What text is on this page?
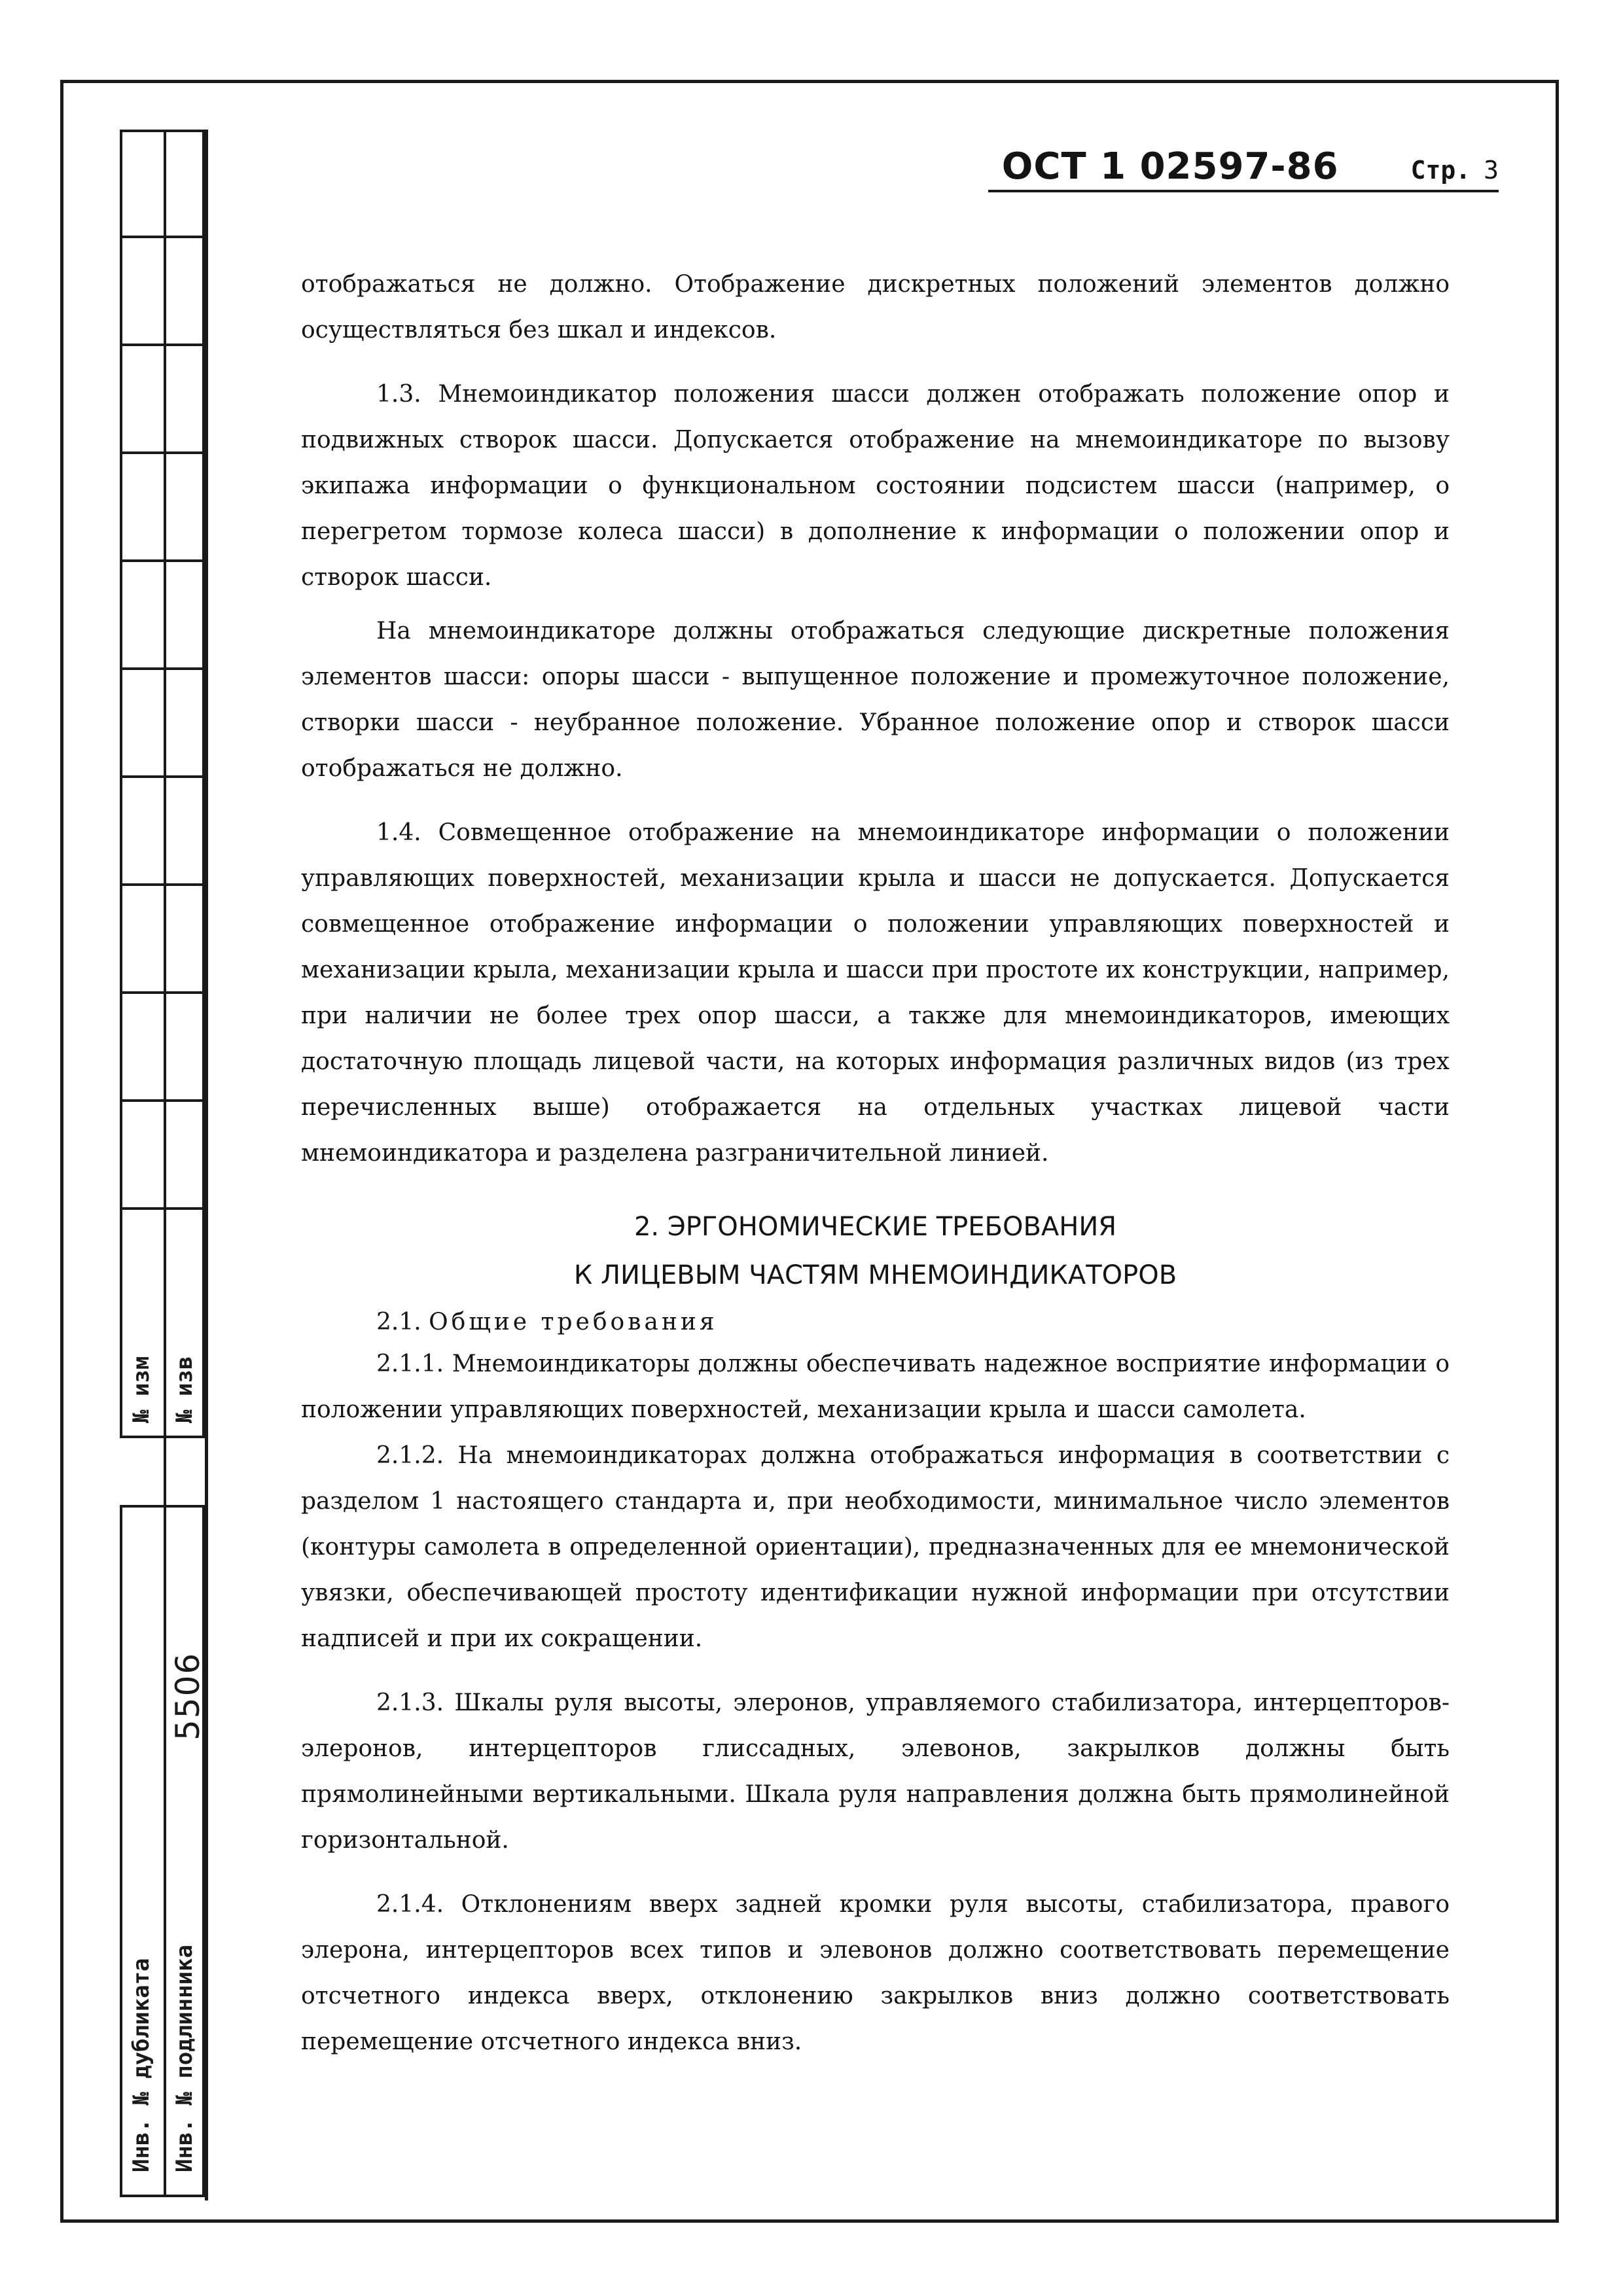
№ изм № изв
Инв. № дубликата Инв. № подлинника
5506
ОСТ 1 02597-86	Стр. 3

отображаться не должно. Отображение дискретных положений элементов должно осуществляться без шкал и индексов.

1.3. Мнемоиндикатор положения шасси должен отображать положение опор и подвижных створок шасси. Допускается отображение на мнемоиндикаторе по вызову экипажа информации о функциональном состоянии подсистем шасси (например, о перегретом тормозе колеса шасси) в дополнение к информации о положении опор и створок шасси.

На мнемоиндикаторе должны отображаться следующие дискретные положения элементов шасси: опоры шасси - выпущенное положение и промежуточное положение, створки шасси - неубранное положение. Убранное положение опор и створок шасси отображаться не должно.

1.4. Совмещенное отображение на мнемоиндикаторе информации о положении управляющих поверхностей, механизации крыла и шасси не допускается. Допускается совмещенное отображение информации о положении управляющих поверхностей и механизации крыла, механизации крыла и шасси при простоте их конструкции, например, при наличии не более трех опор шасси, а также для мнемоиндикаторов, имеющих достаточную площадь лицевой части, на которых информация различных видов (из трех перечисленных выше) отображается на отдельных участках лицевой части мнемоиндикатора и разделена разграничительной линией.

2. ЭРГОНОМИЧЕСКИЕ ТРЕБОВАНИЯ
К ЛИЦЕВЫМ ЧАСТЯМ МНЕМОИНДИКАТОРОВ

2.1. Общие требования

2.1.1. Мнемоиндикаторы должны обеспечивать надежное восприятие информации о положении управляющих поверхностей, механизации крыла и шасси самолета.

2.1.2. На мнемоиндикаторах должна отображаться информация в соответствии с разделом 1 настоящего стандарта и, при необходимости, минимальное число элементов (контуры самолета в определенной ориентации), предназначенных для ее мнемонической увязки, обеспечивающей простоту идентификации нужной информации при отсутствии надписей и при их сокращении.

2.1.3. Шкалы руля высоты, элеронов, управляемого стабилизатора, интерцепторов-элеронов, интерцепторов глиссадных, элевонов, закрылков должны быть прямолинейными вертикальными. Шкала руля направления должна быть прямолинейной горизонтальной.

2.1.4. Отклонениям вверх задней кромки руля высоты, стабилизатора, правого элерона, интерцепторов всех типов и элевонов должно соответствовать перемещение отсчетного индекса вверх, отклонению закрылков вниз должно соответствовать перемещение отсчетного индекса вниз.
